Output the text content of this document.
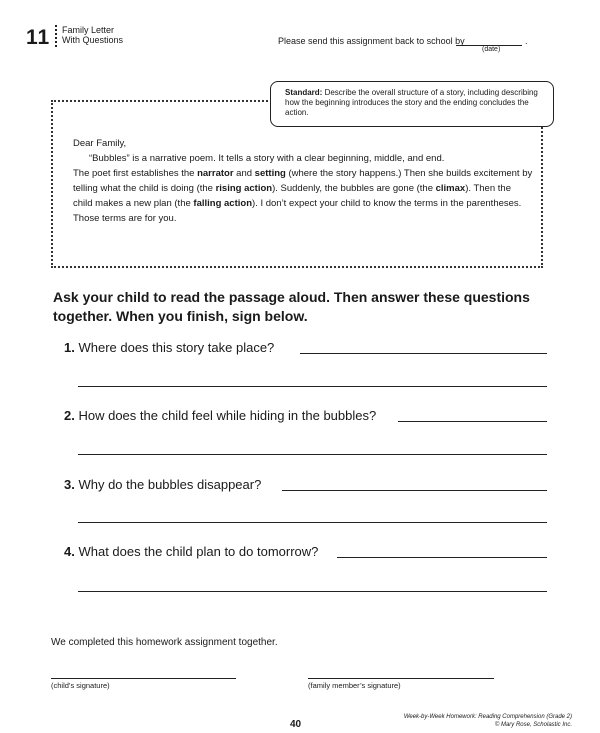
11 Family Letter
With Questions	Please send this assignment back to school by	.
(date)
Standard: Describe the overall structure of a story, including describing how the beginning introduces the story and the ending concludes the action.

Dear Family,

“Bubbles” is a narrative poem. It tells a story with a clear beginning, middle, and end.

The poet first establishes the narrator and setting (where the story happens.) Then she builds excitement by telling what the child is doing (the rising action). Suddenly, the bubbles are gone (the climax). Then the child makes a new plan (the falling action). I don’t expect your child to know the terms in the parentheses. Those terms are for you.

Ask your child to read the passage aloud. Then answer these questions together. When you finish, sign below.
1. Where does this story take place?
2. How does the child feel while hiding in the bubbles?
3. Why do the bubbles disappear?
4. What does the child plan to do tomorrow?
We completed this homework assignment together.
(child’s signature)	(family member’s signature)
40
Week-by-Week Homework: Reading Comprehension (Grade 2)
© Mary Rose, Scholastic Inc.
